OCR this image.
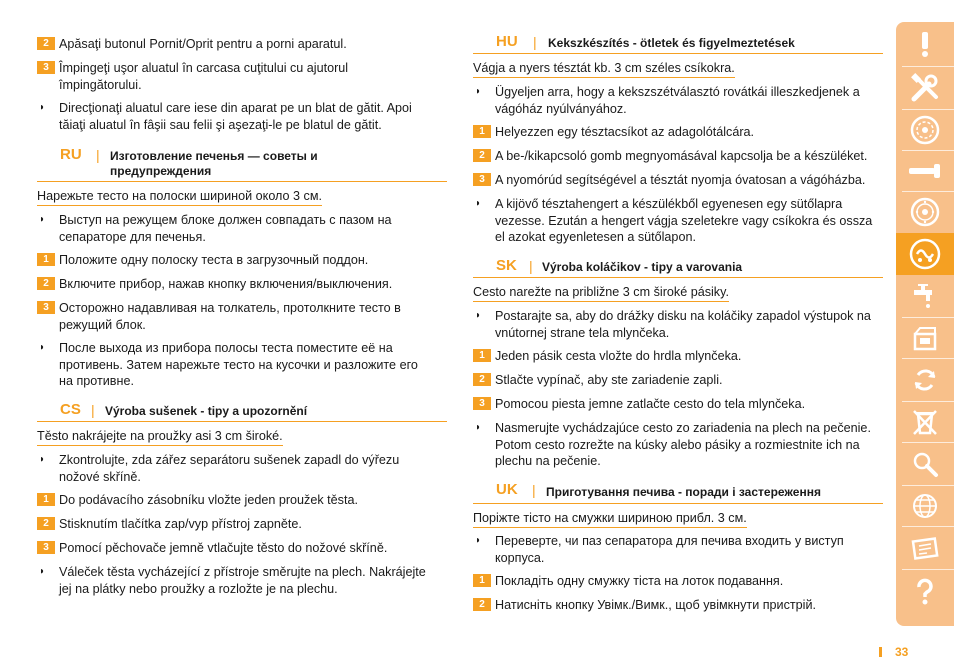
2 Apăsaţi butonul Pornit/Oprit pentru a porni aparatul.
3 Împingeţi uşor aluatul în carcasa cuţitului cu ajutorul
împingătorului.
◗	Direcţionaţi aluatul care iese din aparat pe un blat de gătit. Apoi
tăiaţi aluatul în fâşii sau felii şi aşezaţi-le pe blatul de gătit.
RU | Изготовление печенья — советы и
предупреждения
Нарежьте тесто на полоски шириной около 3 см.
◗	Выступ на режущем блоке должен совпадать с пазом на
сепараторе для печенья.
1 Положите одну полоску теста в загрузочный поддон.
2 Включите прибор, нажав кнопку включения/выключения.
3 Осторожно надавливая на толкатель, протолкните тесто в
режущий блок.
◗	После выхода из прибора полосы теста поместите её на
противень. Затем нарежьте тесто на кусочки и разложите его
на противне.
CS | Výroba sušenek - tipy a upozornění
Těsto nakrájejte na proužky asi 3 cm široké.
◗	Zkontrolujte, zda zářez separátoru sušenek zapadl do výřezu
nožové skříně.
1 Do podávacího zásobníku vložte jeden proužek těsta.
2 Stisknutím tlačítka zap/vyp přístroj zapněte.
3 Pomocí pěchovače jemně vtlačujte těsto do nožové skříně.
◗	Váleček těsta vycházející z přístroje směrujte na plech. Nakrájejte
jej na plátky nebo proužky a rozložte je na plechu.
HU | Kekszkészítés - ötletek és figyelmeztetések
Vágja a nyers tésztát kb. 3 cm széles csíkokra.
◗	Ügyeljen arra, hogy a kekszszétválasztó rovátkái illeszkedjenek a
vágóház nyúlványához.
1 Helyezzen egy tésztacsíkot az adagolótálcára.
2 A be-/kikapcsoló gomb megnyomásával kapcsolja be a készüléket.
3 A nyomórúd segítségével a tésztát nyomja óvatosan a vágóházba.
◗	A kijövő tésztahengert a készülékből egyenesen egy sütőlapra
vezesse. Ezután a hengert vágja szeletekre vagy csíkokra és ossza
el azokat egyenletesen a sütőlapon.
SK | Výroba koláčikov - tipy a varovania
Cesto narežte na približne 3 cm široké pásiky.
◗	Postarajte sa, aby do drážky disku na koláčiky zapadol výstupok na
vnútornej strane tela mlynčeka.
1 Jeden pásik cesta vložte do hrdla mlynčeka.
2 Stlačte vypínač, aby ste zariadenie zapli.
3 Pomocou piesta jemne zatlačte cesto do tela mlynčeka.
◗	Nasmerujte vychádzajúce cesto zo zariadenia na plech na pečenie.
Potom cesto rozrežte na kúsky alebo pásiky a rozmiestnite ich na
plechu na pečenie.
UK | Приготування печива - поради і застереження
Поріжте тісто на смужки шириною прибл. 3 см.
◗	Переверте, чи паз сепаратора для печива входить у виступ
корпуса.
1 Покладіть одну смужку тіста на лоток подавання.
2 Натисніть кнопку Увімк./Вимк., щоб увімкнути пристрій.
33
